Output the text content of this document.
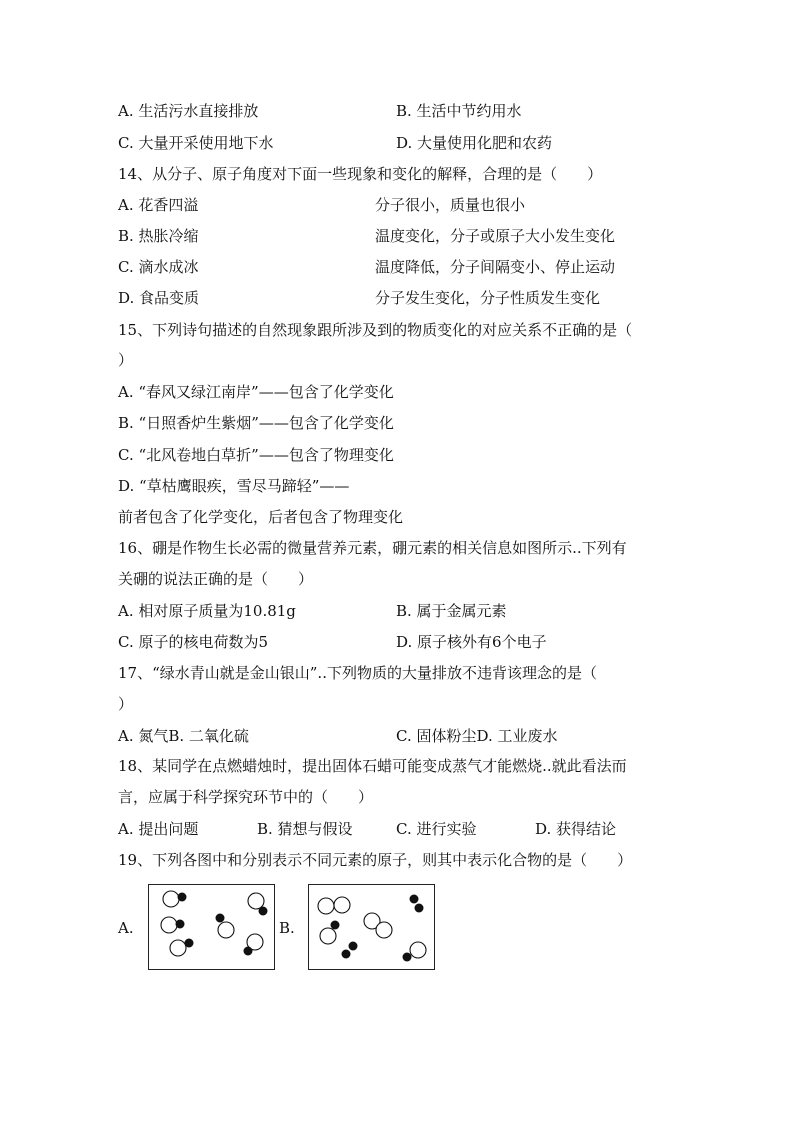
A. 生活污水直接排放	B. 生活中节约用水
C. 大量开采使用地下水	D. 大量使用化肥和农药
14、从分子、原子角度对下面一些现象和变化的解释，合理的是（　　）
A. 花香四溢	分子很小，质量也很小
B. 热胀冷缩	温度变化，分子或原子大小发生变化
C. 滴水成冰	温度降低，分子间隔变小、停止运动
D. 食品变质	分子发生变化，分子性质发生变化
15、下列诗句描述的自然现象跟所涉及到的物质变化的对应关系不正确的是（
）
A. “春风又绿江南岸”——包含了化学变化
B. “日照香炉生紫烟”——包含了化学变化
C. “北风卷地白草折”——包含了物理变化
D. “草枯鹰眼疾，雪尽马蹄轻”——
前者包含了化学变化，后者包含了物理变化
16、硼是作物生长必需的微量营养元素，硼元素的相关信息如图所示..下列有
关硼的说法正确的是（　　）
A. 相对原子质量为10.81g	B. 属于金属元素
C. 原子的核电荷数为5	D. 原子核外有6个电子
17、“绿水青山就是金山银山”..下列物质的大量排放不违背该理念的是（
）
A. 氮气B. 二氧化硫	C. 固体粉尘D. 工业废水
18、某同学在点燃蜡烛时，提出固体石蜡可能变成蒸气才能燃烧..就此看法而
A. 提出问题	B. 猜想与假设	C. 进行实验	D. 获得结论
19、下列各图中和分别表示不同元素的原子，则其中表示化合物的是（　　）
A.	B.
言，应属于科学探究环节中的（　　）
